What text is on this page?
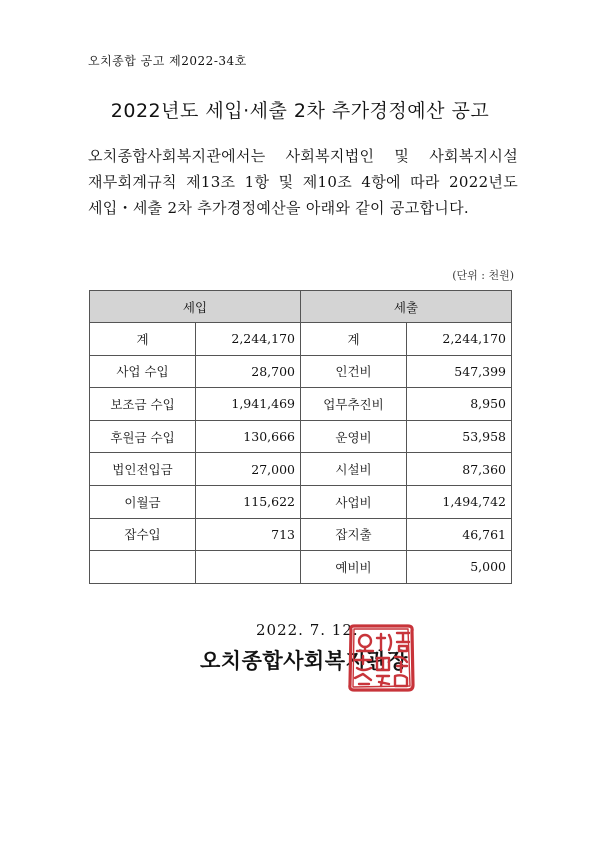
오치종합 공고 제2022-34호
2022년도 세입·세출 2차 추가경정예산 공고
오치종합사회복지관에서는 사회복지법인 및 사회복지시설
재무회계규칙 제13조 1항 및 제10조 4항에 따라 2022년도
세입・세출 2차 추가경정예산을 아래와 같이 공고합니다.
(단위 : 천원)
세입		세출	
계	2,244,170	계	2,244,170
사업 수입	28,700	인건비	547,399
보조금 수입	1,941,469	업무추진비	8,950
후원금 수입	130,666	운영비	53,958
법인전입금	27,000	시설비	87,360
이월금	115,622	사업비	1,494,742
잡수입	713	잡지출	46,761
		예비비	5,000
2022. 7. 12.
오치종합사회복지관장
